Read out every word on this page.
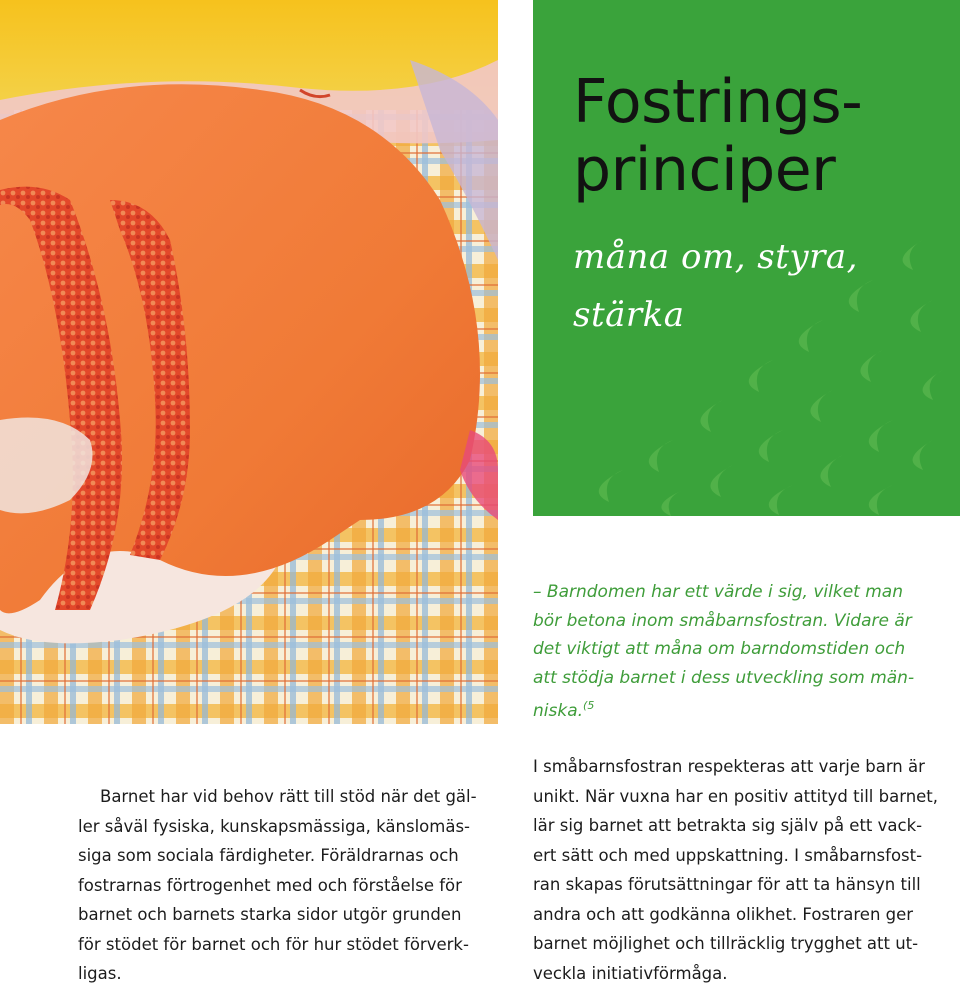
Fostrings-
principer

måna om, styra,
stärka

– Barndomen har ett värde i sig, vilket man
bör betona inom småbarnsfostran. Vidare är
det viktigt att måna om barndomstiden och
att stödja barnet i dess utveckling som män-
niska.$^{(5}$

Barnet har vid behov rätt till stöd när det gäl-
ler såväl fysiska, kunskapsmässiga, känslomäs-
siga som sociala färdigheter. Föräldrarnas och
fostrarnas förtrogenhet med och förståelse för
barnet och barnets starka sidor utgör grunden
för stödet för barnet och för hur stödet förverk-
ligas.

I småbarnsfostran respekteras att varje barn är
unikt. När vuxna har en positiv attityd till barnet,
lär sig barnet att betrakta sig själv på ett vack-
ert sätt och med uppskattning. I småbarnsfost-
ran skapas förutsättningar för att ta hänsyn till
andra och att godkänna olikhet. Fostraren ger
barnet möjlighet och tillräcklig trygghet att ut-
veckla initiativförmåga.
